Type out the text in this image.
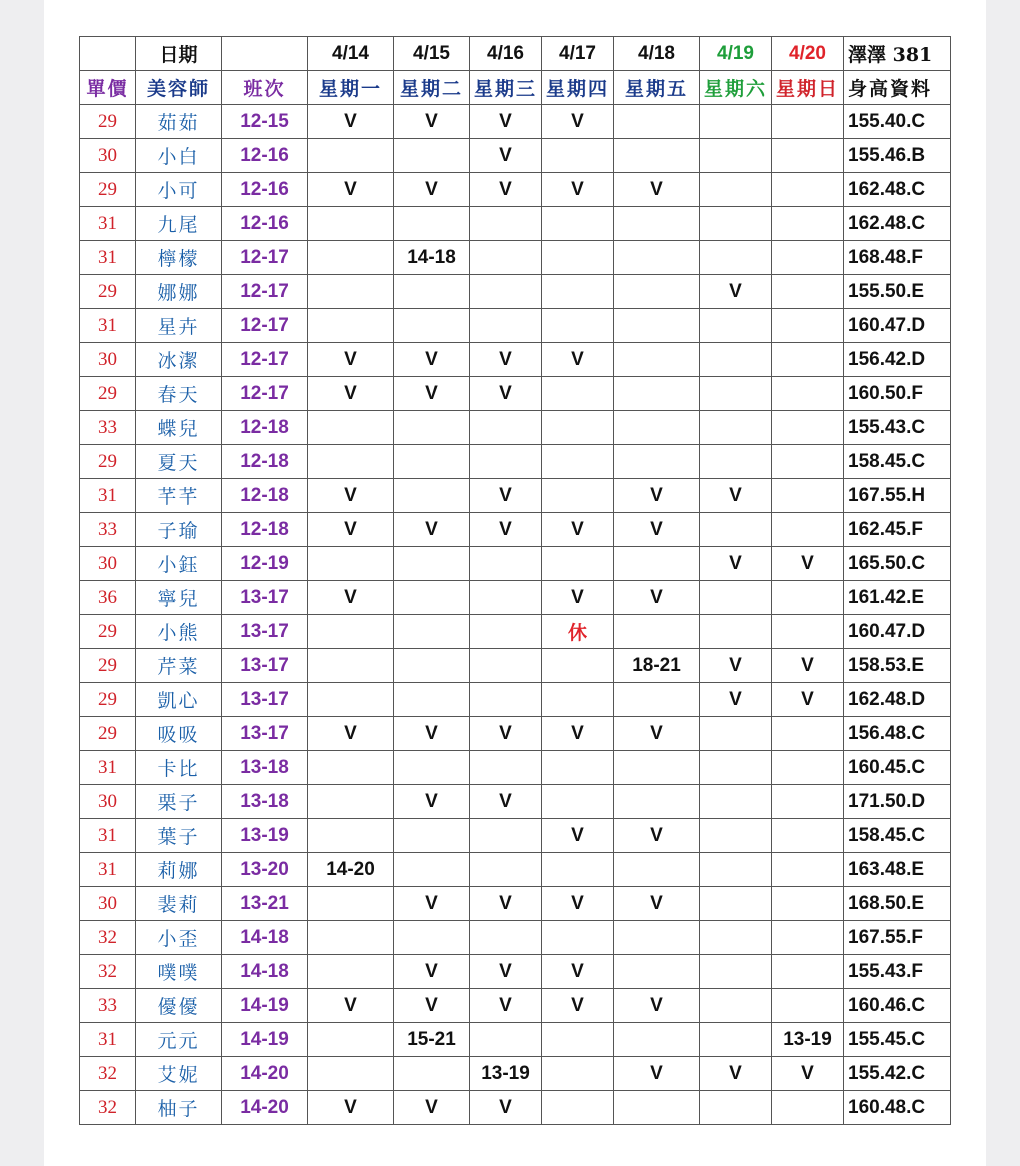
	日期		4/14	4/15	4/16	4/17	4/18	4/19	4/20	澤澤 381
單價	美容師	班次	星期一	星期二	星期三	星期四	星期五	星期六	星期日	身高資料
29	茹茹	12-15	V	V	V	V				155.40.C
30	小白	12-16			V					155.46.B
29	小可	12-16	V	V	V	V	V			162.48.C
31	九尾	12-16								162.48.C
31	檸檬	12-17		14-18						168.48.F
29	娜娜	12-17						V		155.50.E
31	星卉	12-17								160.47.D
30	冰潔	12-17	V	V	V	V				156.42.D
29	春天	12-17	V	V	V					160.50.F
33	蝶兒	12-18								155.43.C
29	夏天	12-18								158.45.C
31	芊芊	12-18	V		V		V	V		167.55.H
33	子瑜	12-18	V	V	V	V	V			162.45.F
30	小鈺	12-19						V	V	165.50.C
36	寧兒	13-17	V			V	V			161.42.E
29	小熊	13-17				休				160.47.D
29	芹菜	13-17					18-21	V	V	158.53.E
29	凱心	13-17						V	V	162.48.D
29	吸吸	13-17	V	V	V	V	V			156.48.C
31	卡比	13-18								160.45.C
30	栗子	13-18		V	V					171.50.D
31	葉子	13-19				V	V			158.45.C
31	莉娜	13-20	14-20							163.48.E
30	裴莉	13-21		V	V	V	V			168.50.E
32	小歪	14-18								167.55.F
32	噗噗	14-18		V	V	V				155.43.F
33	優優	14-19	V	V	V	V	V			160.46.C
31	元元	14-19		15-21					13-19	155.45.C
32	艾妮	14-20			13-19		V	V	V	155.42.C
32	柚子	14-20	V	V	V					160.48.C
